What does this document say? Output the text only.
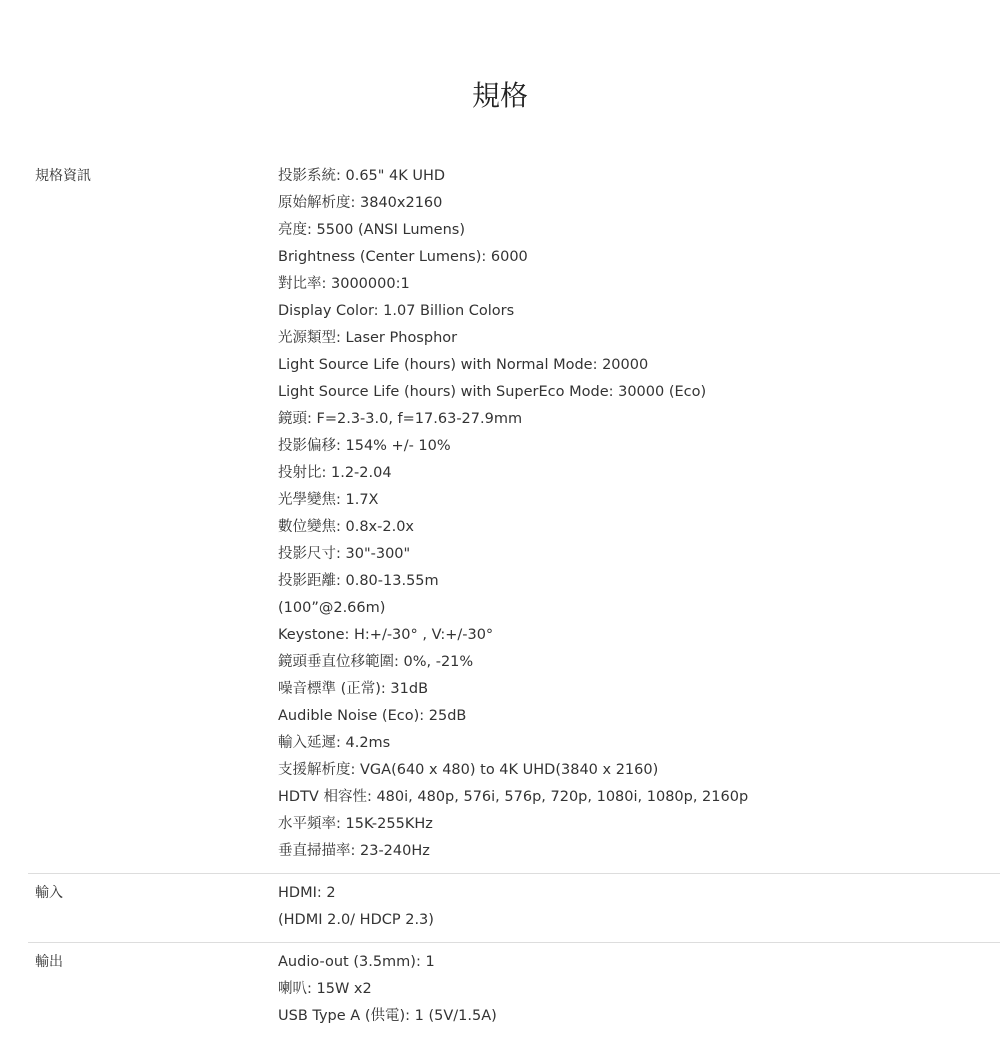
規格
規格資訊	投影系統: 0.65" 4K UHD
原始解析度: 3840x2160
亮度: 5500 (ANSI Lumens)
Brightness (Center Lumens): 6000
對比率: 3000000:1
Display Color: 1.07 Billion Colors
光源類型: Laser Phosphor
Light Source Life (hours) with Normal Mode: 20000
Light Source Life (hours) with SuperEco Mode: 30000 (Eco)
鏡頭: F=2.3-3.0, f=17.63-27.9mm
投影偏移: 154% +/- 10%
投射比: 1.2-2.04
光學變焦: 1.7X
數位變焦: 0.8x-2.0x
投影尺寸: 30"-300"
投影距離: 0.80-13.55m
(100”@2.66m)
Keystone: H:+/-30° , V:+/-30°
鏡頭垂直位移範圍: 0%, -21%
噪音標準 (正常): 31dB
Audible Noise (Eco): 25dB
輸入延遲: 4.2ms
支援解析度: VGA(640 x 480) to 4K UHD(3840 x 2160)
HDTV 相容性: 480i, 480p, 576i, 576p, 720p, 1080i, 1080p, 2160p
水平頻率: 15K-255KHz
垂直掃描率: 23-240Hz
輸入	HDMI: 2
(HDMI 2.0/ HDCP 2.3)
輸出	Audio-out (3.5mm): 1
喇叭: 15W x2
USB Type A (供電): 1 (5V/1.5A)
